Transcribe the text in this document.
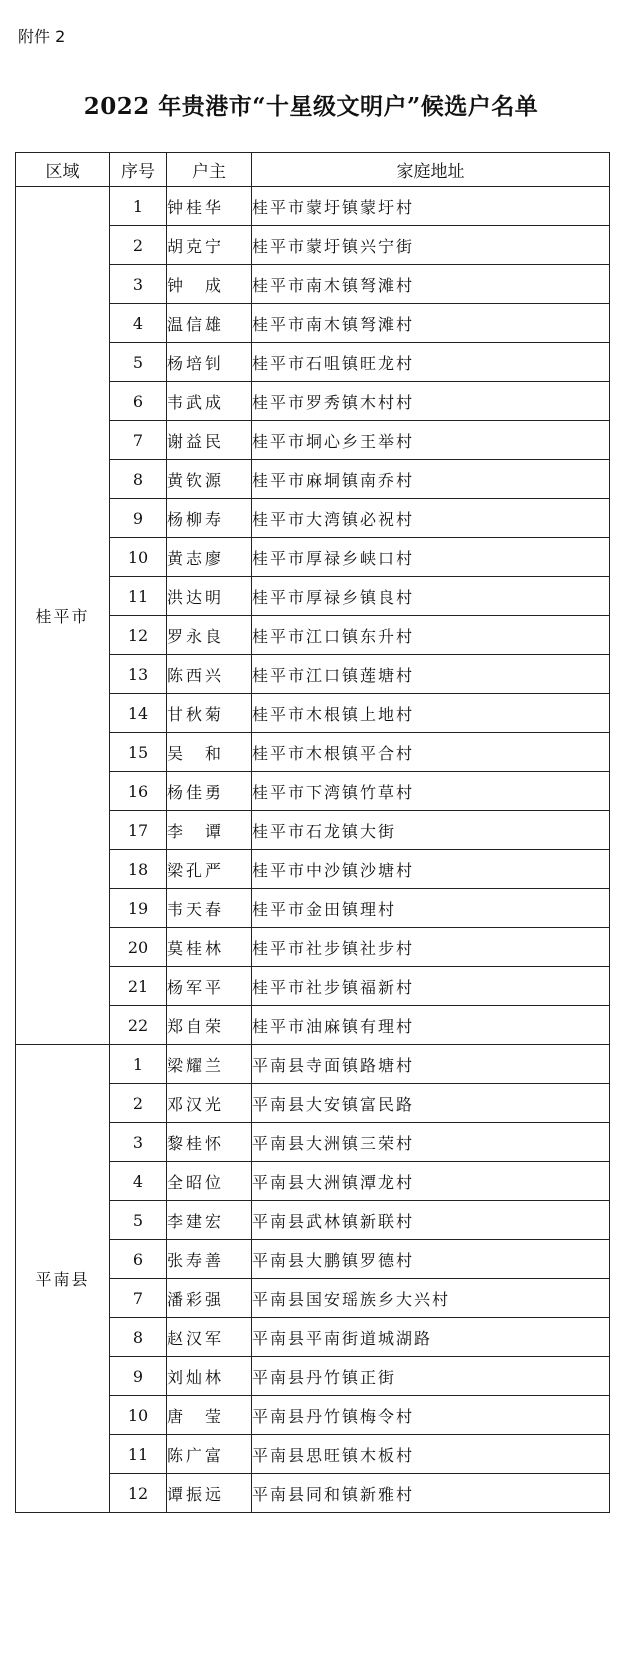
附件 2
2022 年贵港市“十星级文明户”候选户名单
区域	序号	户主	家庭地址
桂平市	1	钟桂华	桂平市蒙圩镇蒙圩村
	2	胡克宁	桂平市蒙圩镇兴宁街
	3	钟　成	桂平市南木镇弩滩村
	4	温信雄	桂平市南木镇弩滩村
	5	杨培钊	桂平市石咀镇旺龙村
	6	韦武成	桂平市罗秀镇木村村
	7	谢益民	桂平市垌心乡王举村
	8	黄钦源	桂平市麻垌镇南乔村
	9	杨柳寿	桂平市大湾镇必祝村
	10	黄志廖	桂平市厚禄乡峡口村
	11	洪达明	桂平市厚禄乡镇良村
	12	罗永良	桂平市江口镇东升村
	13	陈西兴	桂平市江口镇莲塘村
	14	甘秋菊	桂平市木根镇上地村
	15	吴　和	桂平市木根镇平合村
	16	杨佳勇	桂平市下湾镇竹草村
	17	李　谭	桂平市石龙镇大街
	18	梁孔严	桂平市中沙镇沙塘村
	19	韦天春	桂平市金田镇理村
	20	莫桂林	桂平市社步镇社步村
	21	杨军平	桂平市社步镇福新村
	22	郑自荣	桂平市油麻镇有理村
平南县	1	梁耀兰	平南县寺面镇路塘村
	2	邓汉光	平南县大安镇富民路
	3	黎桂怀	平南县大洲镇三荣村
	4	全昭位	平南县大洲镇潭龙村
	5	李建宏	平南县武林镇新联村
	6	张寿善	平南县大鹏镇罗德村
	7	潘彩强	平南县国安瑶族乡大兴村
	8	赵汉军	平南县平南街道城湖路
	9	刘灿林	平南县丹竹镇正街
	10	唐　莹	平南县丹竹镇梅令村
	11	陈广富	平南县思旺镇木板村
	12	谭振远	平南县同和镇新雅村
